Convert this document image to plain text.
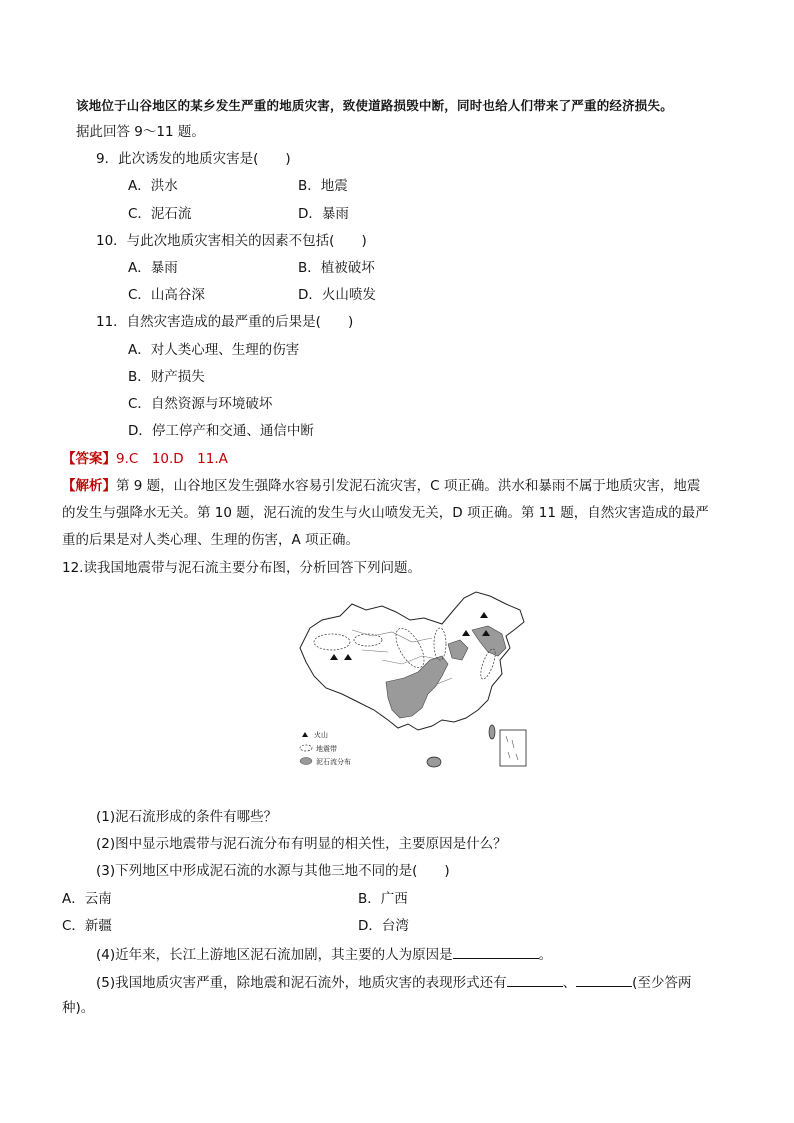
该地位于山谷地区的某乡发生严重的地质灾害，致使道路损毁中断，同时也给人们带来了严重的经济损失。
据此回答 9～11 题。
9．此次诱发的地质灾害是(　　)
A．洪水	B．地震
C．泥石流	D．暴雨
10．与此次地质灾害相关的因素不包括(　　)
A．暴雨	B．植被破坏
C．山高谷深	D．火山喷发
11．自然灾害造成的最严重的后果是(　　)
A．对人类心理、生理的伤害
B．财产损失
C．自然资源与环境破坏
D．停工停产和交通、通信中断
【答案】9.C　10.D　11.A
【解析】第 9 题，山谷地区发生强降水容易引发泥石流灾害，C 项正确。洪水和暴雨不属于地质灾害，地震
的发生与强降水无关。第 10 题，泥石流的发生与火山喷发无关，D 项正确。第 11 题，自然灾害造成的最严
重的后果是对人类心理、生理的伤害，A 项正确。
12.读我国地震带与泥石流主要分布图，分析回答下列问题。
火山
地震带
泥石流分布
(1)泥石流形成的条件有哪些？
(2)图中显示地震带与泥石流分布有明显的相关性，主要原因是什么？
(3)下列地区中形成泥石流的水源与其他三地不同的是(　　)
A．云南	B．广西
C．新疆	D．台湾
(4)近年来，长江上游地区泥石流加剧，其主要的人为原因是	。
(5)我国地质灾害严重，除地震和泥石流外，地质灾害的表现形式还有	、	(至少答两
种)。
